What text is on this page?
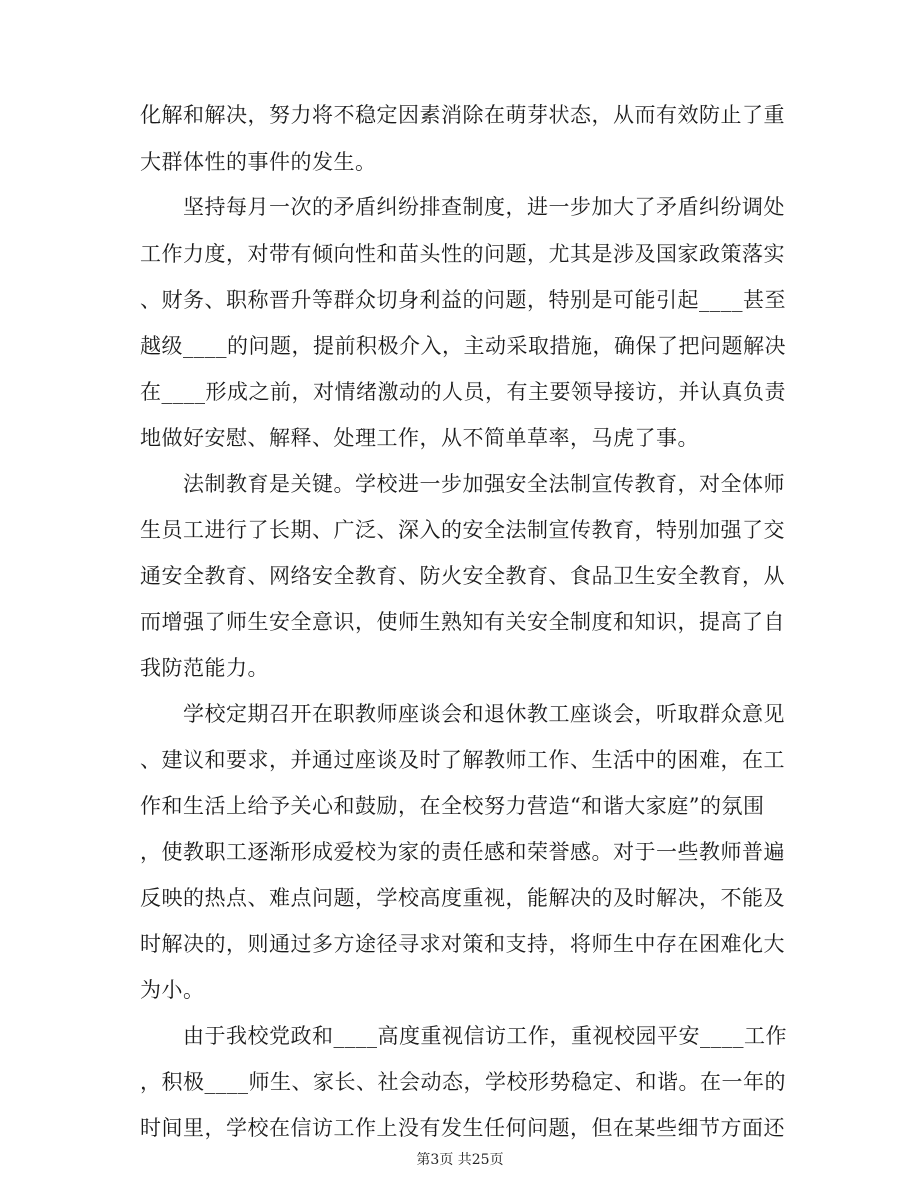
化解和解决，努力将不稳定因素消除在萌芽状态，从而有效防止了重
大群体性的事件的发生。
　　坚持每月一次的矛盾纠纷排查制度，进一步加大了矛盾纠纷调处
工作力度，对带有倾向性和苗头性的问题，尤其是涉及国家政策落实
、财务、职称晋升等群众切身利益的问题，特别是可能引起____甚至
越级____的问题，提前积极介入，主动采取措施，确保了把问题解决
在____形成之前，对情绪激动的人员，有主要领导接访，并认真负责
地做好安慰、解释、处理工作，从不简单草率，马虎了事。
　　法制教育是关键。学校进一步加强安全法制宣传教育，对全体师
生员工进行了长期、广泛、深入的安全法制宣传教育，特别加强了交
通安全教育、网络安全教育、防火安全教育、食品卫生安全教育，从
而增强了师生安全意识，使师生熟知有关安全制度和知识，提高了自
我防范能力。
　　学校定期召开在职教师座谈会和退休教工座谈会，听取群众意见
、建议和要求，并通过座谈及时了解教师工作、生活中的困难，在工
作和生活上给予关心和鼓励，在全校努力营造“和谐大家庭”的氛围
，使教职工逐渐形成爱校为家的责任感和荣誉感。对于一些教师普遍
反映的热点、难点问题，学校高度重视，能解决的及时解决，不能及
时解决的，则通过多方途径寻求对策和支持，将师生中存在困难化大
为小。
　　由于我校党政和____高度重视信访工作，重视校园平安____工作
，积极____师生、家长、社会动态，学校形势稳定、和谐。在一年的
时间里，学校在信访工作上没有发生任何问题，但在某些细节方面还
第3页 共25页
